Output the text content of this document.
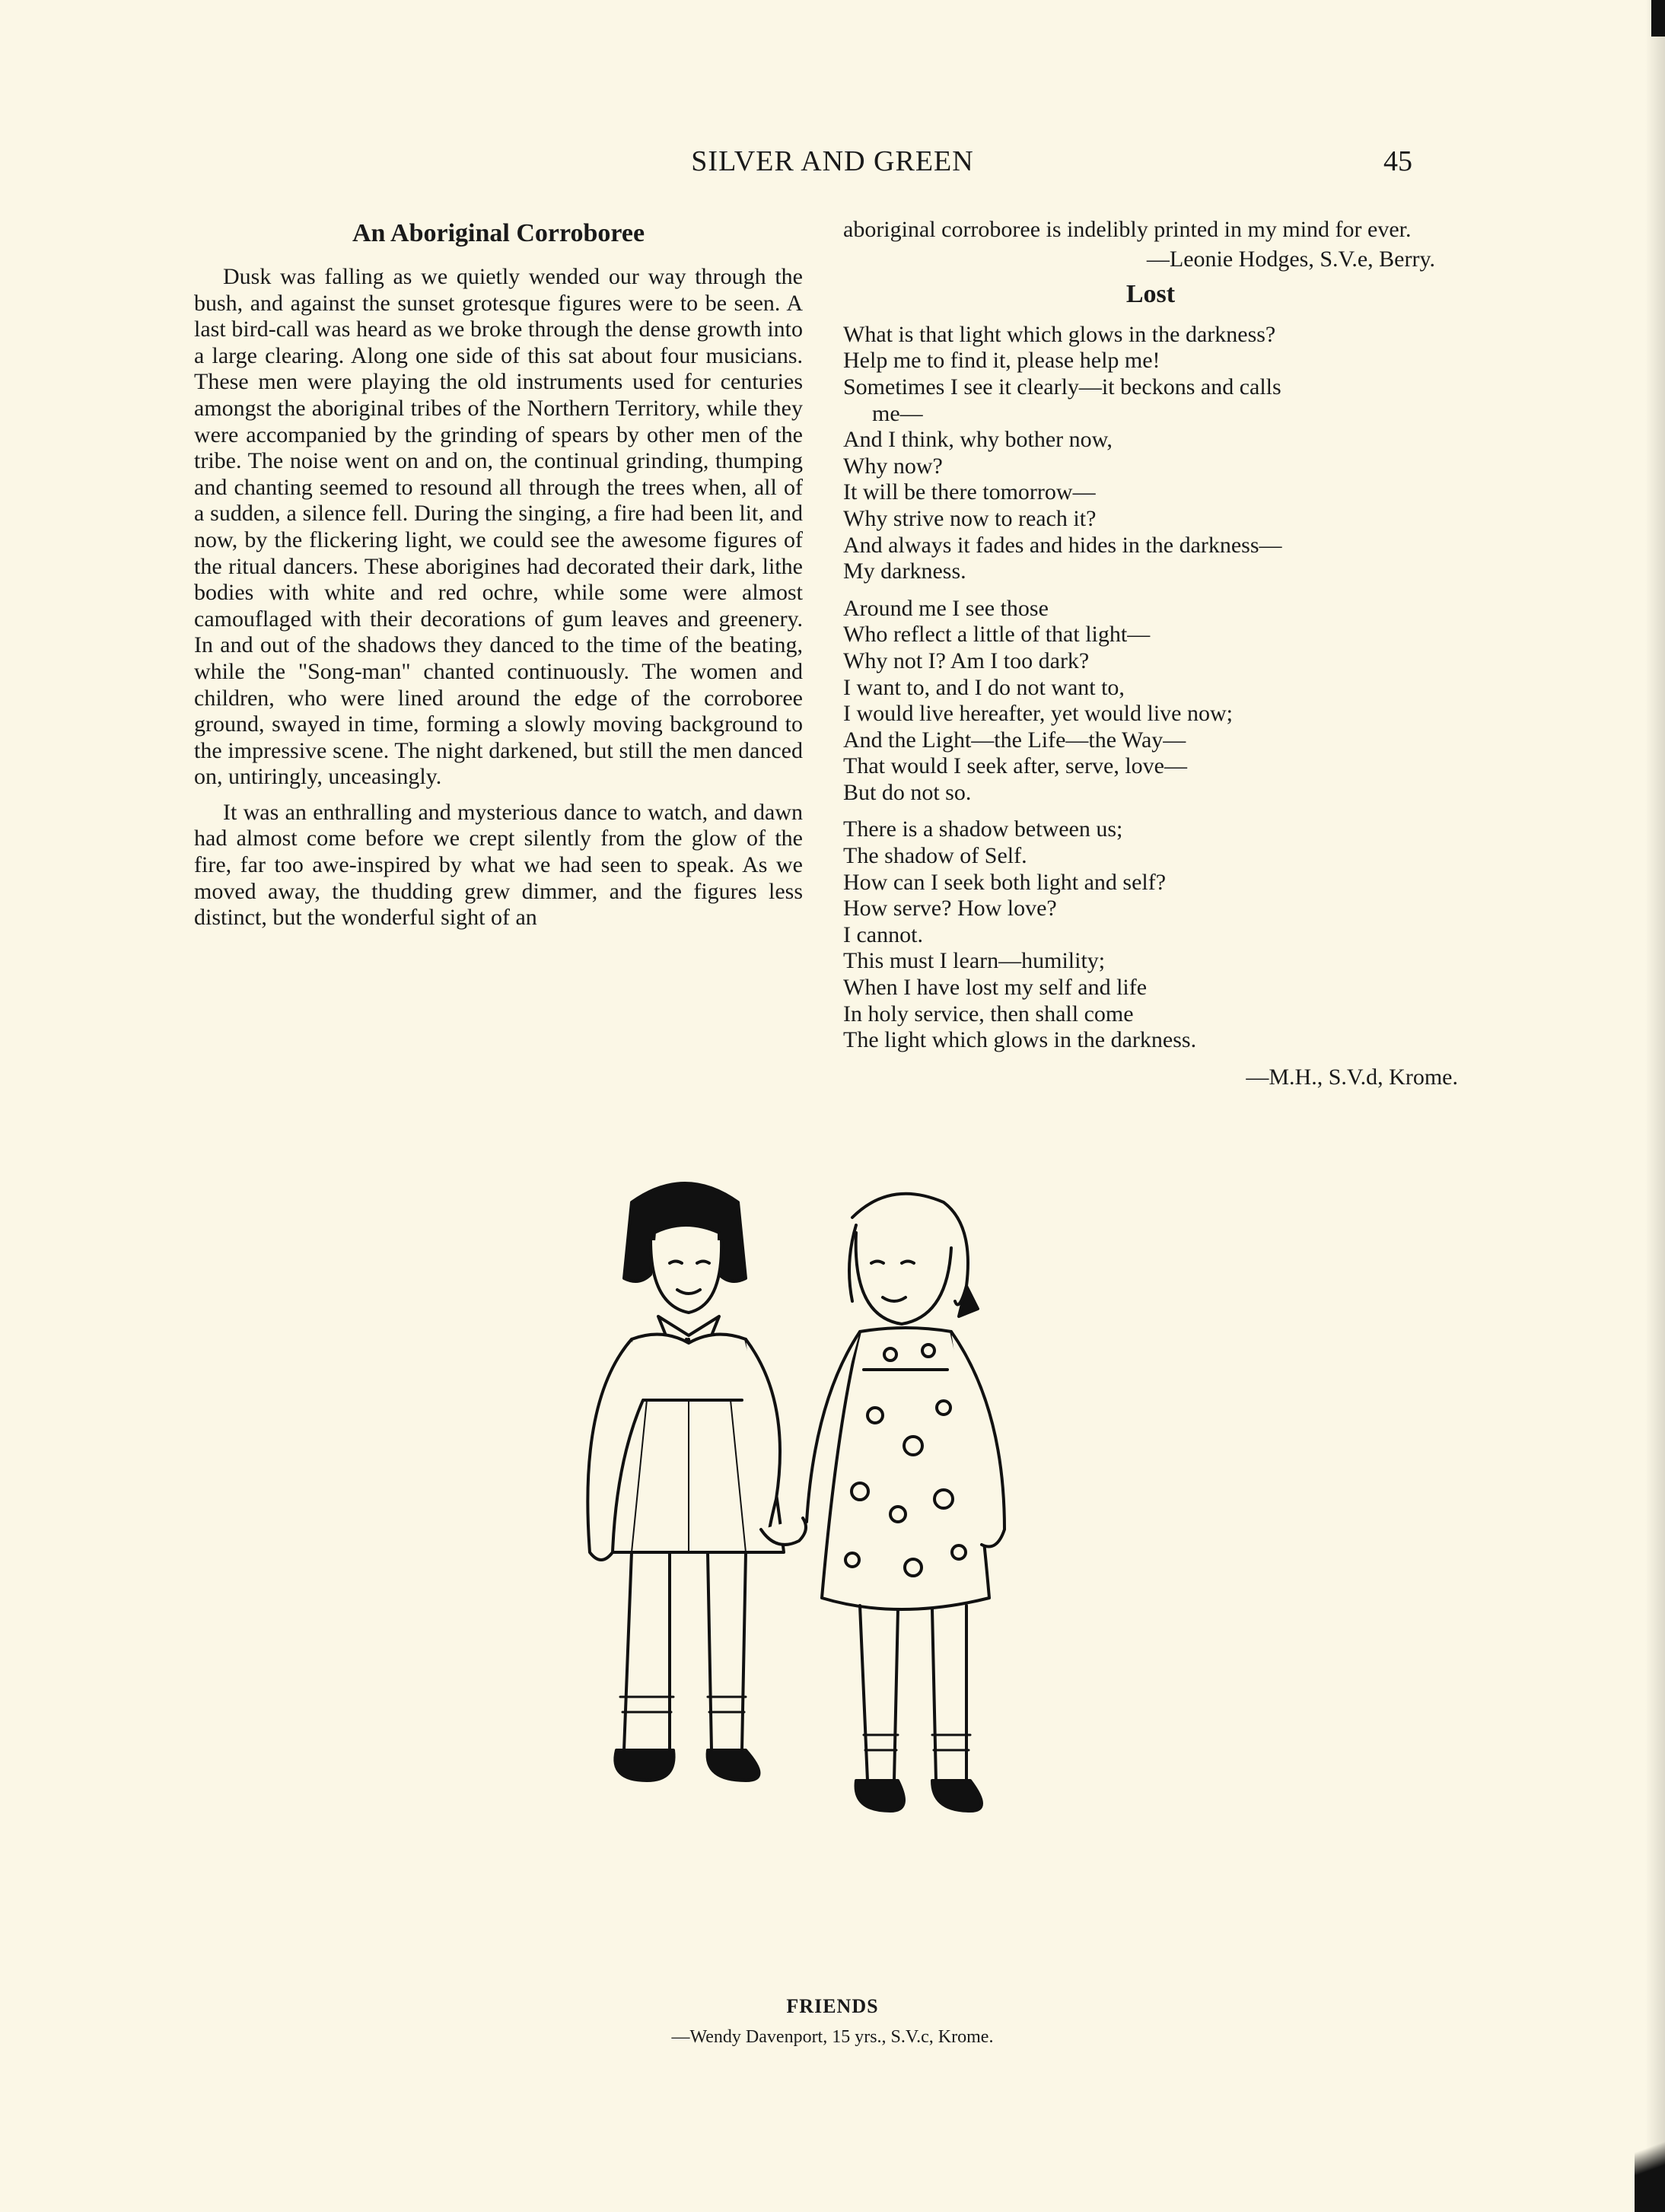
SILVER AND GREEN	45
An Aboriginal Corroboree

Dusk was falling as we quietly wended our way through the bush, and against the sunset grotesque figures were to be seen. A last bird-call was heard as we broke through the dense growth into a large clearing. Along one side of this sat about four musicians. These men were playing the old instruments used for centuries amongst the aboriginal tribes of the Northern Territory, while they were accompanied by the grinding of spears by other men of the tribe. The noise went on and on, the continual grinding, thumping and chanting seemed to resound all through the trees when, all of a sudden, a silence fell. During the singing, a fire had been lit, and now, by the flickering light, we could see the awesome figures of the ritual dancers. These aborigines had decorated their dark, lithe bodies with white and red ochre, while some were almost camouflaged with their decorations of gum leaves and greenery. In and out of the shadows they danced to the time of the beating, while the "Song-man" chanted continuously. The women and children, who were lined around the edge of the corroboree ground, swayed in time, forming a slowly moving background to the impressive scene. The night darkened, but still the men danced on, untiringly, unceasingly.

It was an enthralling and mysterious dance to watch, and dawn had almost come before we crept silently from the glow of the fire, far too awe-inspired by what we had seen to speak. As we moved away, the thudding grew dimmer, and the figures less distinct, but the wonderful sight of an

aboriginal corroboree is indelibly printed in my mind for ever.

—Leonie Hodges, S.V.e, Berry.
Lost
What is that light which glows in the darkness?
Help me to find it, please help me!
Sometimes I see it clearly—it beckons and calls
me—
And I think, why bother now,
Why now?
It will be there tomorrow—
Why strive now to reach it?
And always it fades and hides in the darkness—
My darkness.
Around me I see those
Who reflect a little of that light—
Why not I? Am I too dark?
I want to, and I do not want to,
I would live hereafter, yet would live now;
And the Light—the Life—the Way—
That would I seek after, serve, love—
But do not so.
There is a shadow between us;
The shadow of Self.
How can I seek both light and self?
How serve? How love?
I cannot.
This must I learn—humility;
When I have lost my self and life
In holy service, then shall come
The light which glows in the darkness.
—M.H., S.V.d, Krome.
FRIENDS
—Wendy Davenport, 15 yrs., S.V.c, Krome.
